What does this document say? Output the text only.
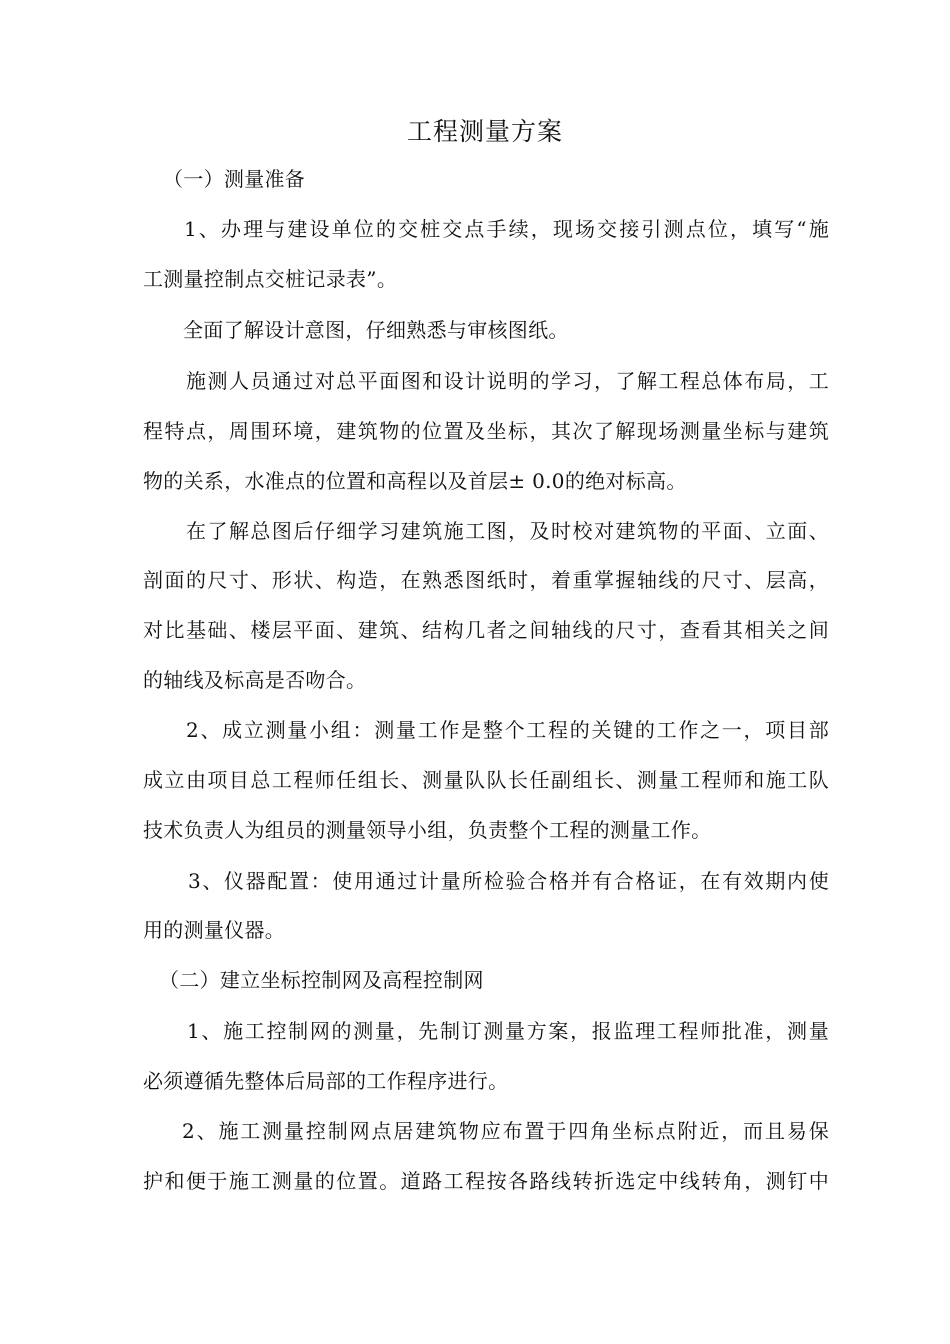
工程测量方案
（一）测量准备
1、办理与建设单位的交桩交点手续，现场交接引测点位，填写“施
工测量控制点交桩记录表”。
全面了解设计意图，仔细熟悉与审核图纸。
施测人员通过对总平面图和设计说明的学习，了解工程总体布局，工
程特点，周围环境，建筑物的位置及坐标，其次了解现场测量坐标与建筑
物的关系，水准点的位置和高程以及首层± 0.0的绝对标高。
在了解总图后仔细学习建筑施工图，及时校对建筑物的平面、立面、
剖面的尺寸、形状、构造，在熟悉图纸时，着重掌握轴线的尺寸、层高，
对比基础、楼层平面、建筑、结构几者之间轴线的尺寸，查看其相关之间
的轴线及标高是否吻合。
2、成立测量小组：测量工作是整个工程的关键的工作之一，项目部
成立由项目总工程师任组长、测量队队长任副组长、测量工程师和施工队
技术负责人为组员的测量领导小组，负责整个工程的测量工作。
3、仪器配置：使用通过计量所检验合格并有合格证，在有效期内使
用的测量仪器。
（二）建立坐标控制网及高程控制网
1、施工控制网的测量，先制订测量方案，报监理工程师批准，测量
必须遵循先整体后局部的工作程序进行。
2、施工测量控制网点居建筑物应布置于四角坐标点附近，而且易保
护和便于施工测量的位置。道路工程按各路线转折选定中线转角，测钉中
